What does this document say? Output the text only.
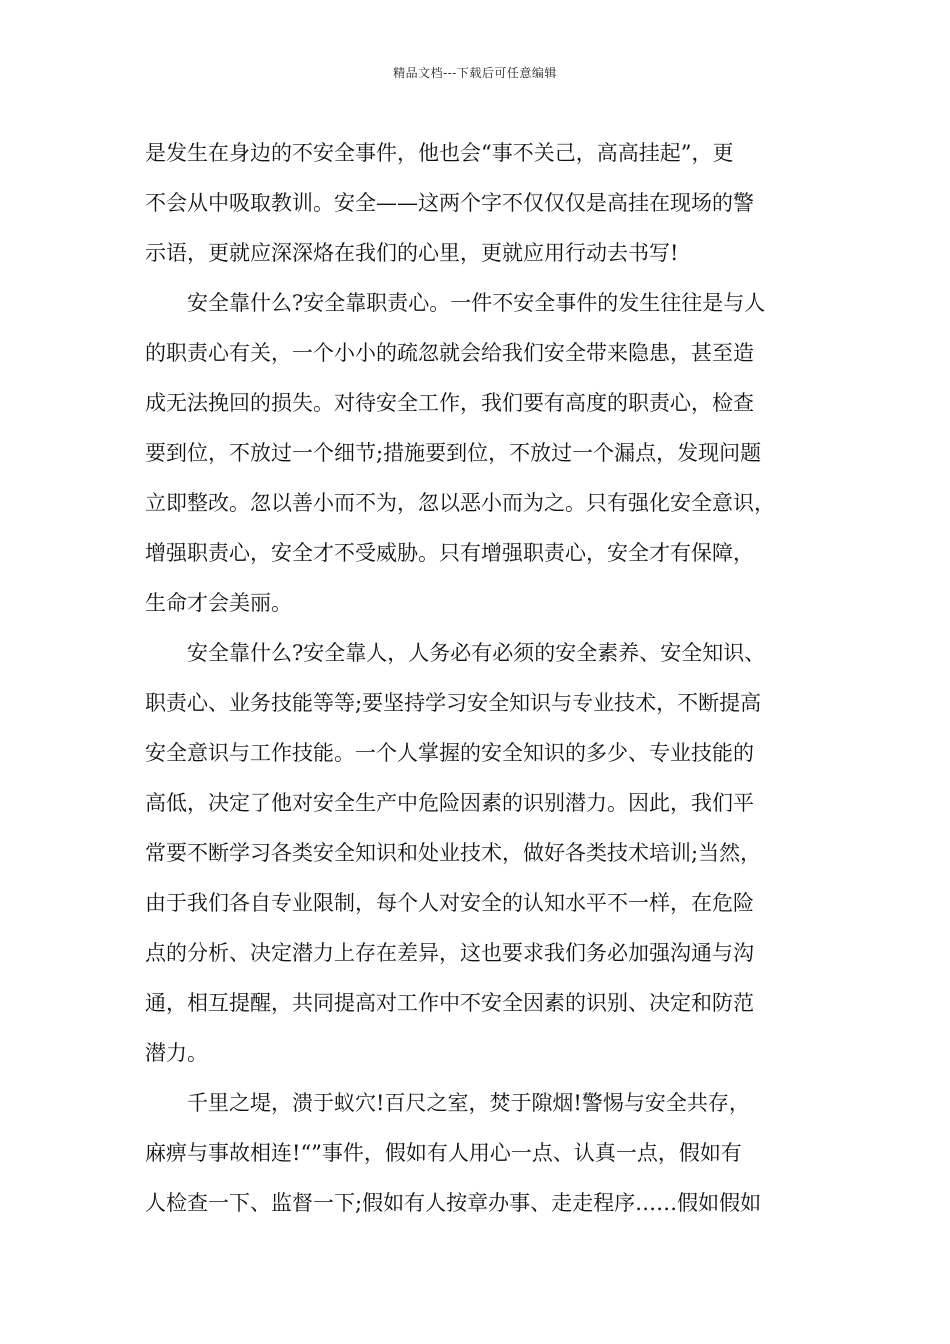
精品文档---下载后可任意编辑
是发生在身边的不安全事件，他也会“事不关己，高高挂起”，更
不会从中吸取教训。安全——这两个字不仅仅仅是高挂在现场的警
示语，更就应深深烙在我们的心里，更就应用行动去书写!
安全靠什么?安全靠职责心。一件不安全事件的发生往往是与人
的职责心有关，一个小小的疏忽就会给我们安全带来隐患，甚至造
成无法挽回的损失。对待安全工作，我们要有高度的职责心，检查
要到位，不放过一个细节;措施要到位，不放过一个漏点，发现问题
立即整改。忽以善小而不为，忽以恶小而为之。只有强化安全意识，
增强职责心，安全才不受威胁。只有增强职责心，安全才有保障，
生命才会美丽。
安全靠什么?安全靠人，人务必有必须的安全素养、安全知识、
职责心、业务技能等等;要坚持学习安全知识与专业技术，不断提高
安全意识与工作技能。一个人掌握的安全知识的多少、专业技能的
高低，决定了他对安全生产中危险因素的识别潜力。因此，我们平
常要不断学习各类安全知识和处业技术，做好各类技术培训;当然，
由于我们各自专业限制，每个人对安全的认知水平不一样，在危险
点的分析、决定潜力上存在差异，这也要求我们务必加强沟通与沟
通，相互提醒，共同提高对工作中不安全因素的识别、决定和防范
潜力。
千里之堤，溃于蚁穴!百尺之室，焚于隙烟!警惕与安全共存，
麻痹与事故相连!“”事件，假如有人用心一点、认真一点，假如有
人检查一下、监督一下;假如有人按章办事、走走程序……假如假如
